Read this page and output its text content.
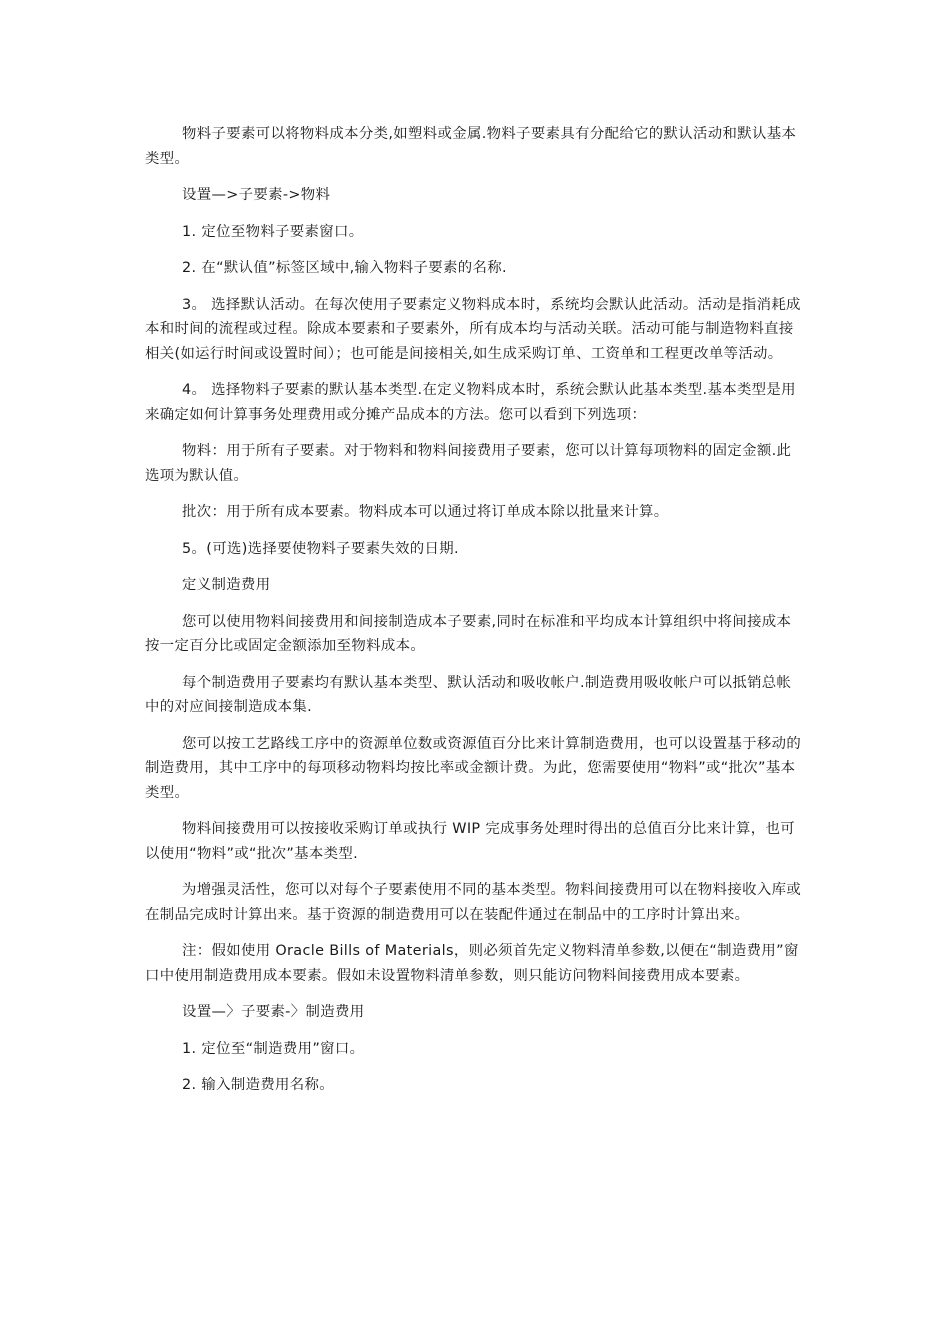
物料子要素可以将物料成本分类,如塑料或金属.物料子要素具有分配给它的默认活动和默认基本类型。

设置—>子要素->物料

1. 定位至物料子要素窗口。

2. 在“默认值”标签区域中,输入物料子要素的名称.

3。 选择默认活动。在每次使用子要素定义物料成本时，系统均会默认此活动。活动是指消耗成本和时间的流程或过程。除成本要素和子要素外，所有成本均与活动关联。活动可能与制造物料直接相关(如运行时间或设置时间）；也可能是间接相关,如生成采购订单、工资单和工程更改单等活动。

4。 选择物料子要素的默认基本类型.在定义物料成本时，系统会默认此基本类型.基本类型是用来确定如何计算事务处理费用或分摊产品成本的方法。您可以看到下列选项：

物料：用于所有子要素。对于物料和物料间接费用子要素，您可以计算每项物料的固定金额.此选项为默认值。

批次：用于所有成本要素。物料成本可以通过将订单成本除以批量来计算。

5。(可选)选择要使物料子要素失效的日期.

定义制造费用

您可以使用物料间接费用和间接制造成本子要素,同时在标准和平均成本计算组织中将间接成本按一定百分比或固定金额添加至物料成本。

每个制造费用子要素均有默认基本类型、默认活动和吸收帐户.制造费用吸收帐户可以抵销总帐中的对应间接制造成本集.

您可以按工艺路线工序中的资源单位数或资源值百分比来计算制造费用，也可以设置基于移动的制造费用，其中工序中的每项移动物料均按比率或金额计费。为此，您需要使用“物料”或“批次”基本类型。

物料间接费用可以按接收采购订单或执行 WIP 完成事务处理时得出的总值百分比来计算，也可以使用“物料”或“批次”基本类型.

为增强灵活性，您可以对每个子要素使用不同的基本类型。物料间接费用可以在物料接收入库或在制品完成时计算出来。基于资源的制造费用可以在装配件通过在制品中的工序时计算出来。

注：假如使用 Oracle Bills of Materials，则必须首先定义物料清单参数,以便在“制造费用”窗口中使用制造费用成本要素。假如未设置物料清单参数，则只能访问物料间接费用成本要素。

设置—〉子要素-〉制造费用

1. 定位至“制造费用”窗口。

2. 输入制造费用名称。
